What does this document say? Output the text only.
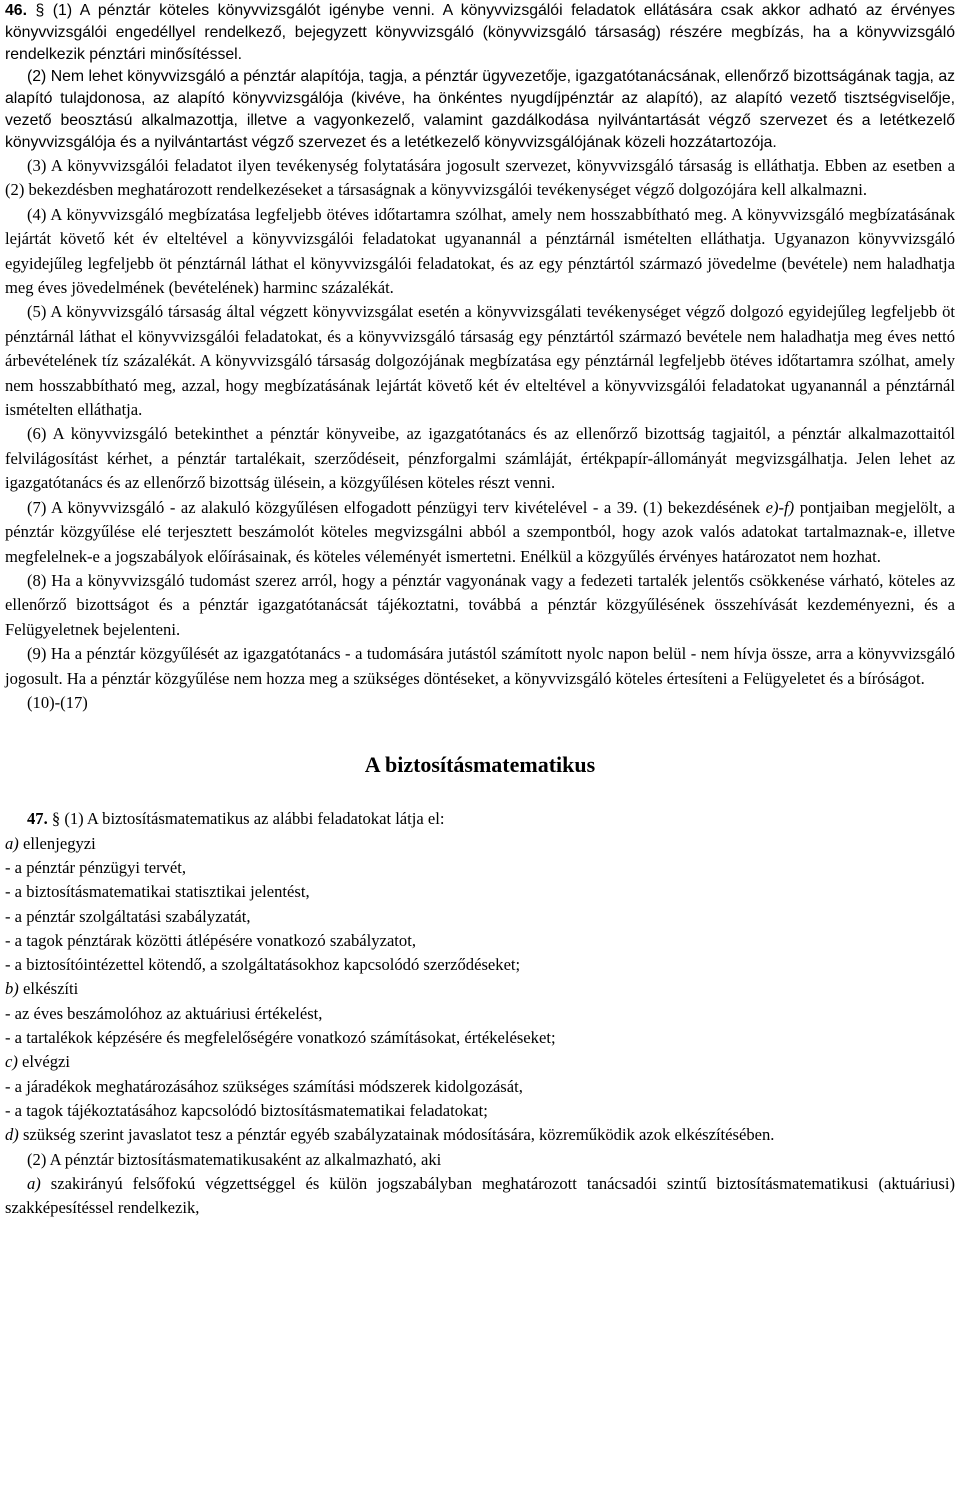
46. § (1) A pénztár köteles könyvvizsgálót igénybe venni. A könyvvizsgálói feladatok ellátására csak akkor adható az érvényes könyvvizsgálói engedéllyel rendelkező, bejegyzett könyvvizsgáló (könyvvizsgáló társaság) részére megbízás, ha a könyvvizsgáló rendelkezik pénztári minősítéssel.

(2) Nem lehet könyvvizsgáló a pénztár alapítója, tagja, a pénztár ügyvezetője, igazgatótanácsának, ellenőrző bizottságának tagja, az alapító tulajdonosa, az alapító könyvvizsgálója (kivéve, ha önkéntes nyugdíjpénztár az alapító), az alapító vezető tisztségviselője, vezető beosztású alkalmazottja, illetve a vagyonkezelő, valamint gazdálkodása nyilvántartását végző szervezet és a letétkezelő könyvvizsgálója és a nyilvántartást végző szervezet és a letétkezelő könyvvizsgálójának közeli hozzátartozója.

(3) A könyvvizsgálói feladatot ilyen tevékenység folytatására jogosult szervezet, könyvvizsgáló társaság is elláthatja. Ebben az esetben a (2) bekezdésben meghatározott rendelkezéseket a társaságnak a könyvvizsgálói tevékenységet végző dolgozójára kell alkalmazni.

(4) A könyvvizsgáló megbízatása legfeljebb ötéves időtartamra szólhat, amely nem hosszabbítható meg. A könyvvizsgáló megbízatásának lejártát követő két év elteltével a könyvvizsgálói feladatokat ugyanannál a pénztárnál ismételten elláthatja. Ugyanazon könyvvizsgáló egyidejűleg legfeljebb öt pénztárnál láthat el könyvvizsgálói feladatokat, és az egy pénztártól származó jövedelme (bevétele) nem haladhatja meg éves jövedelmének (bevételének) harminc százalékát.

(5) A könyvvizsgáló társaság által végzett könyvvizsgálat esetén a könyvvizsgálati tevékenységet végző dolgozó egyidejűleg legfeljebb öt pénztárnál láthat el könyvvizsgálói feladatokat, és a könyvvizsgáló társaság egy pénztártól származó bevétele nem haladhatja meg éves nettó árbevételének tíz százalékát. A könyvvizsgáló társaság dolgozójának megbízatása egy pénztárnál legfeljebb ötéves időtartamra szólhat, amely nem hosszabbítható meg, azzal, hogy megbízatásának lejártát követő két év elteltével a könyvvizsgálói feladatokat ugyanannál a pénztárnál ismételten elláthatja.

(6) A könyvvizsgáló betekinthet a pénztár könyveibe, az igazgatótanács és az ellenőrző bizottság tagjaitól, a pénztár alkalmazottaitól felvilágosítást kérhet, a pénztár tartalékait, szerződéseit, pénzforgalmi számláját, értékpapír-állományát megvizsgálhatja. Jelen lehet az igazgatótanács és az ellenőrző bizottság ülésein, a közgyűlésen köteles részt venni.

(7) A könyvvizsgáló - az alakuló közgyűlésen elfogadott pénzügyi terv kivételével - a 39. (1) bekezdésének e)-f) pontjaiban megjelölt, a pénztár közgyűlése elé terjesztett beszámolót köteles megvizsgálni abból a szempontból, hogy azok valós adatokat tartalmaznak-e, illetve megfelelnek-e a jogszabályok előírásainak, és köteles véleményét ismertetni. Enélkül a közgyűlés érvényes határozatot nem hozhat.

(8) Ha a könyvvizsgáló tudomást szerez arról, hogy a pénztár vagyonának vagy a fedezeti tartalék jelentős csökkenése várható, köteles az ellenőrző bizottságot és a pénztár igazgatótanácsát tájékoztatni, továbbá a pénztár közgyűlésének összehívását kezdeményezni, és a Felügyeletnek bejelenteni.

(9) Ha a pénztár közgyűlését az igazgatótanács - a tudomására jutástól számított nyolc napon belül - nem hívja össze, arra a könyvvizsgáló jogosult. Ha a pénztár közgyűlése nem hozza meg a szükséges döntéseket, a könyvvizsgáló köteles értesíteni a Felügyeletet és a bíróságot.

(10)-(17)

A biztosításmatematikus

47. § (1) A biztosításmatematikus az alábbi feladatokat látja el:

a) ellenjegyzi

- a pénztár pénzügyi tervét,

- a biztosításmatematikai statisztikai jelentést,

- a pénztár szolgáltatási szabályzatát,

- a tagok pénztárak közötti átlépésére vonatkozó szabályzatot,

- a biztosítóintézettel kötendő, a szolgáltatásokhoz kapcsolódó szerződéseket;

b) elkészíti

- az éves beszámolóhoz az aktuáriusi értékelést,

- a tartalékok képzésére és megfelelőségére vonatkozó számításokat, értékeléseket;

c) elvégzi

- a járadékok meghatározásához szükséges számítási módszerek kidolgozását,

- a tagok tájékoztatásához kapcsolódó biztosításmatematikai feladatokat;

d) szükség szerint javaslatot tesz a pénztár egyéb szabályzatainak módosítására, közreműködik azok elkészítésében.

(2) A pénztár biztosításmatematikusaként az alkalmazható, aki

a) szakirányú felsőfokú végzettséggel és külön jogszabályban meghatározott tanácsadói szintű biztosításmatematikusi (aktuáriusi) szakképesítéssel rendelkezik,
